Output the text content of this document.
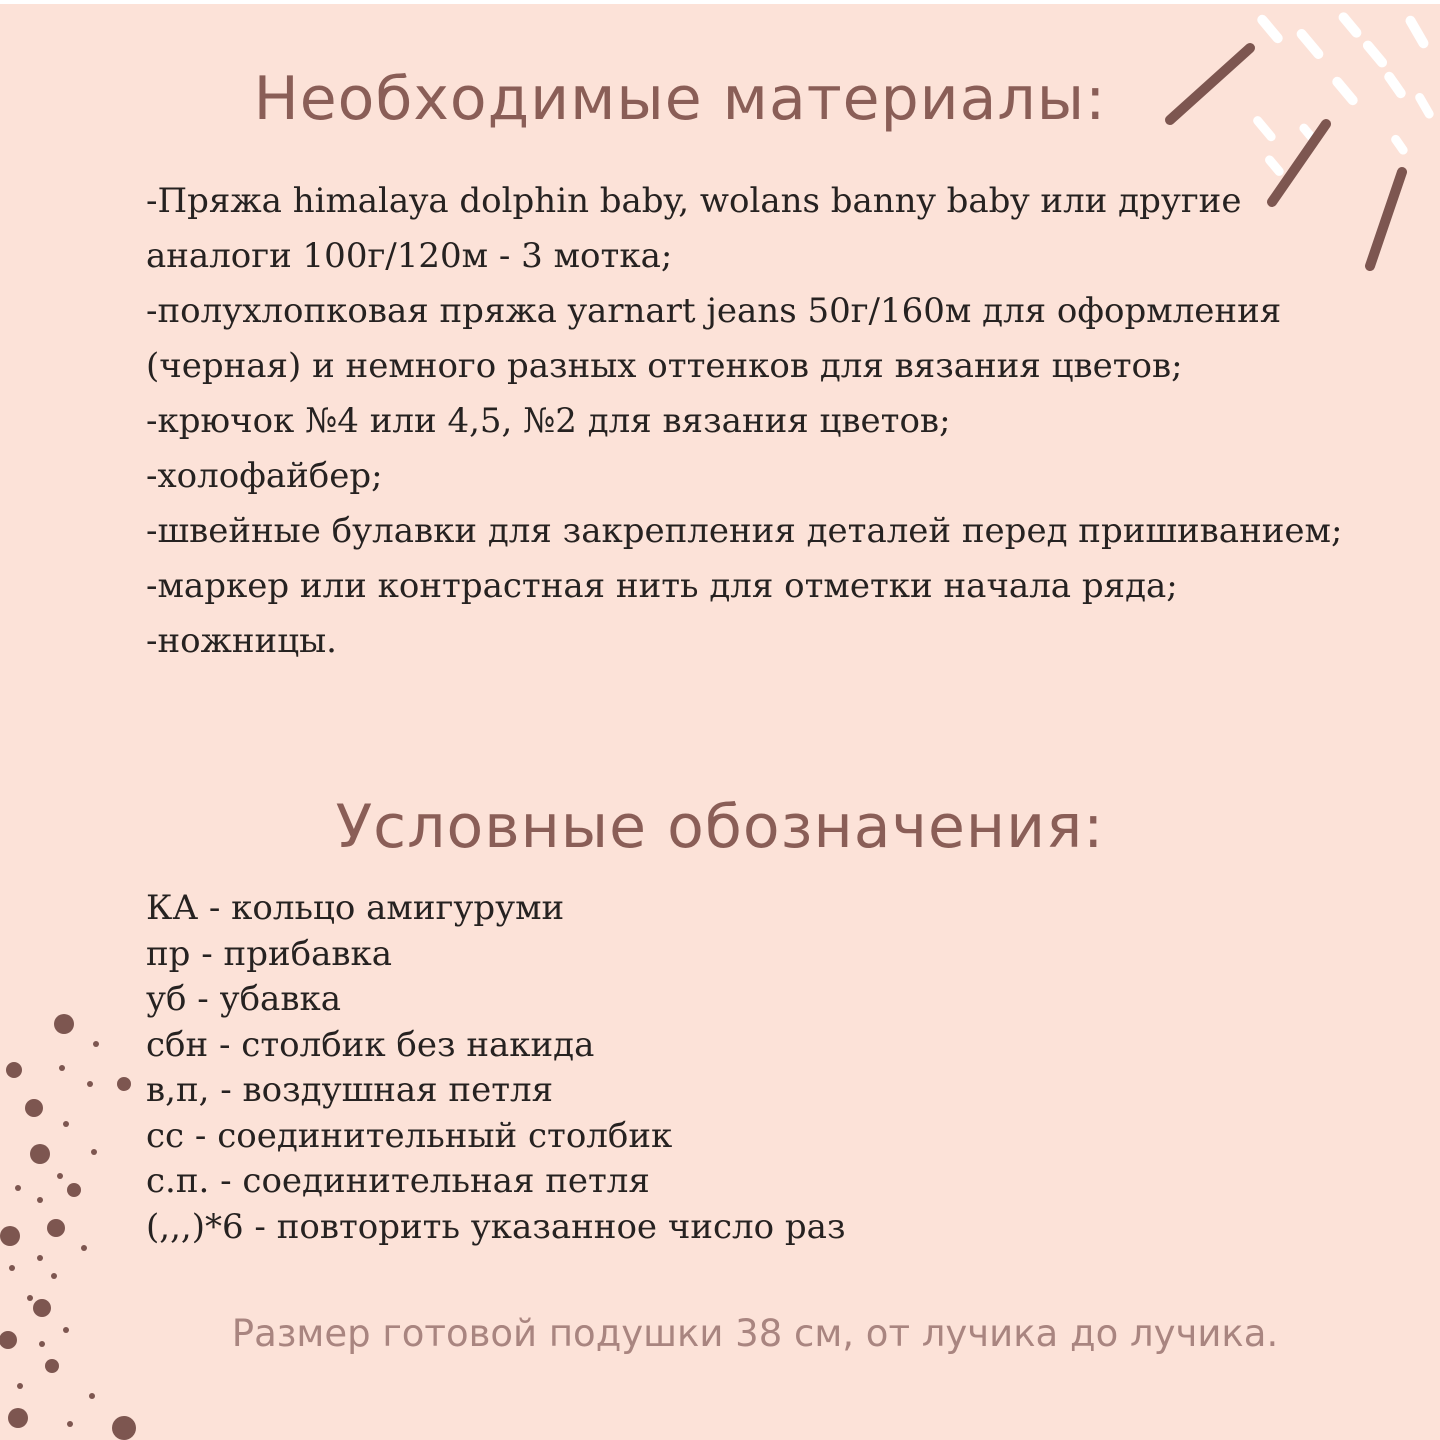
Необходимые материалы:
-Пряжа himalaya dolphin baby, wolans banny baby или другие аналоги 100г/120м - 3 мотка;
-полухлопковая пряжа yarnart jeans 50г/160м для оформления (черная) и немного разных оттенков для вязания цветов;
-крючок №4 или 4,5, №2 для вязания цветов;
-холофайбер;
-швейные булавки для закрепления деталей перед пришиванием;
-маркер или контрастная нить для отметки начала ряда;
-ножницы.
Условные обозначения:
КА - кольцо амигуруми
пр - прибавка
уб - убавка
сбн - столбик без накида
в,п, - воздушная петля
сс - соединительный столбик
с.п. - соединительная петля
(,,,)*6 - повторить указанное число раз

Размер готовой подушки 38 см, от лучика до лучика.
